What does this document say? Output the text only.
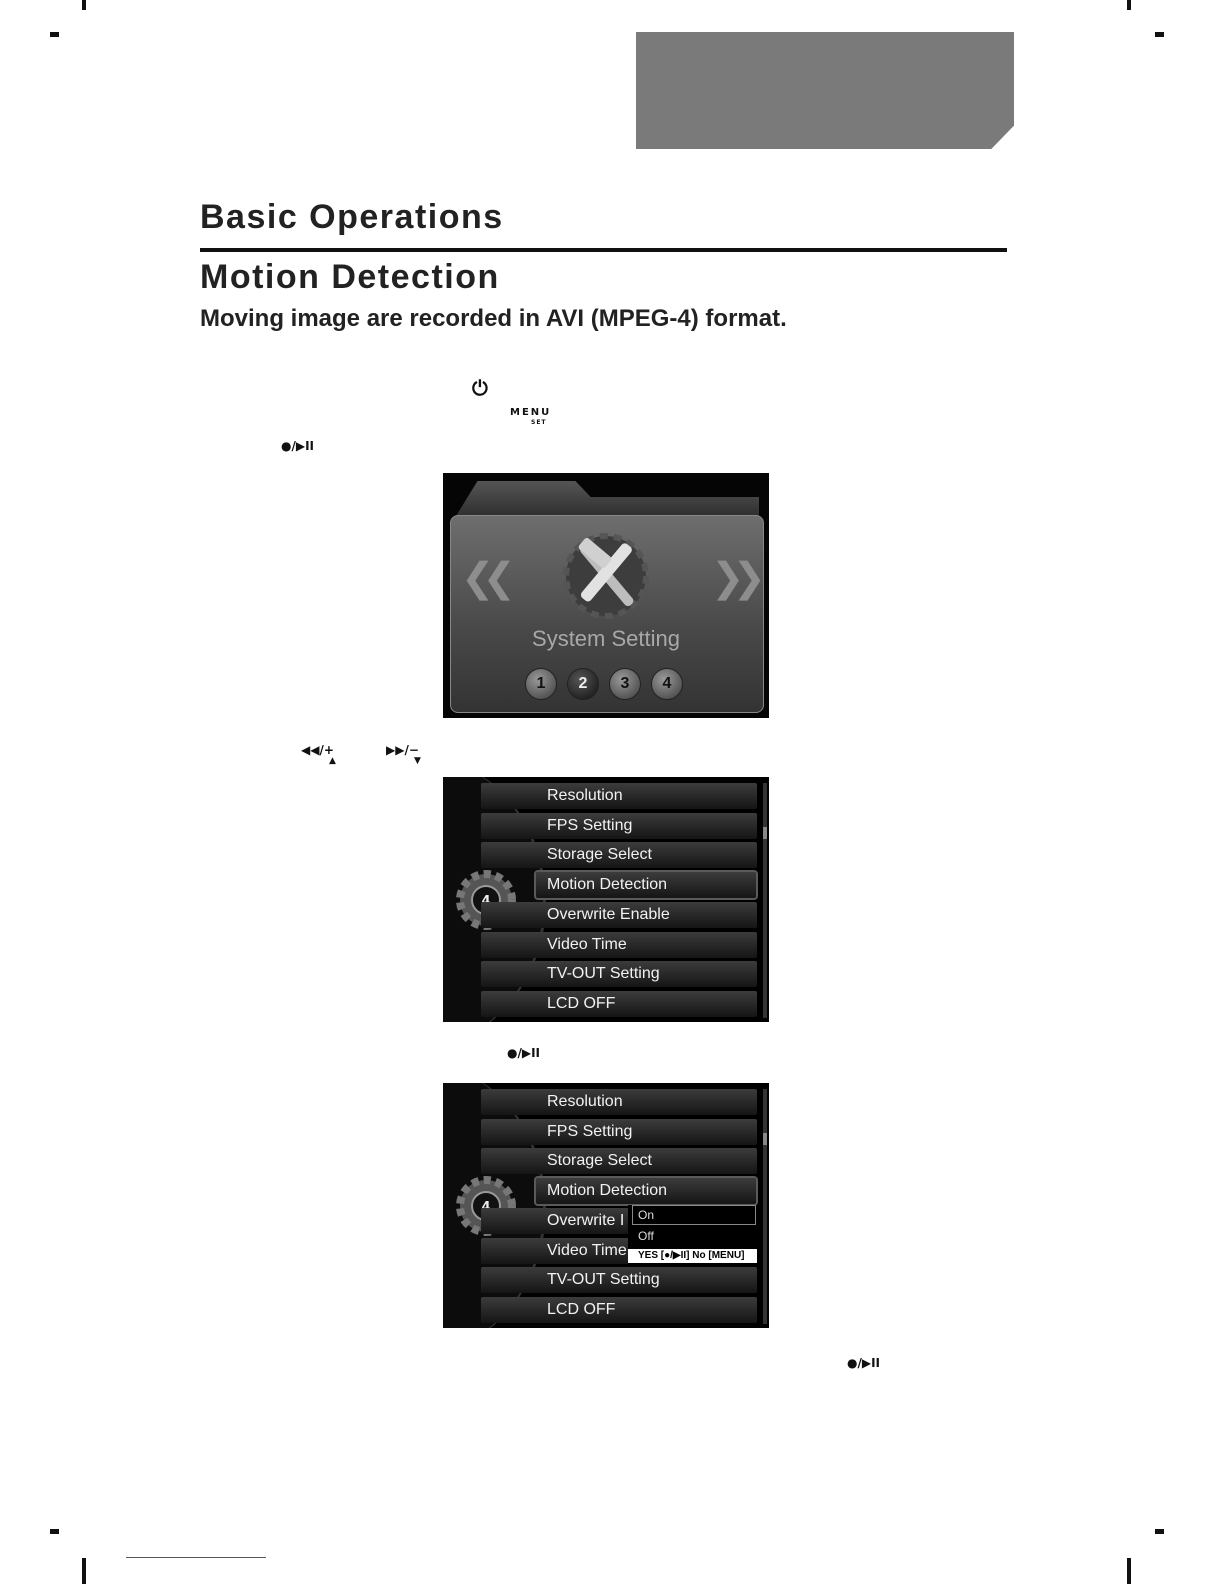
Basic Operations
Motion Detection
Moving image are recorded in AVI (MPEG-4) format.
⏻
MENU
SET
●/▶II
❮❮	❯❯
System Setting
1	2	3	4
◀◀/+
▲
▶▶/−
▼
Resolution
FPS Setting
Storage Select
Motion Detection
Overwrite Enable
Video Time
TV-OUT Setting
LCD OFF
●/▶II
Resolution
FPS Setting
Storage Select
Motion Detection
Overwrite I
Video Time
TV-OUT Setting
LCD OFF
On
Off
YES [●/▶II] No [MENU]
●/▶II
